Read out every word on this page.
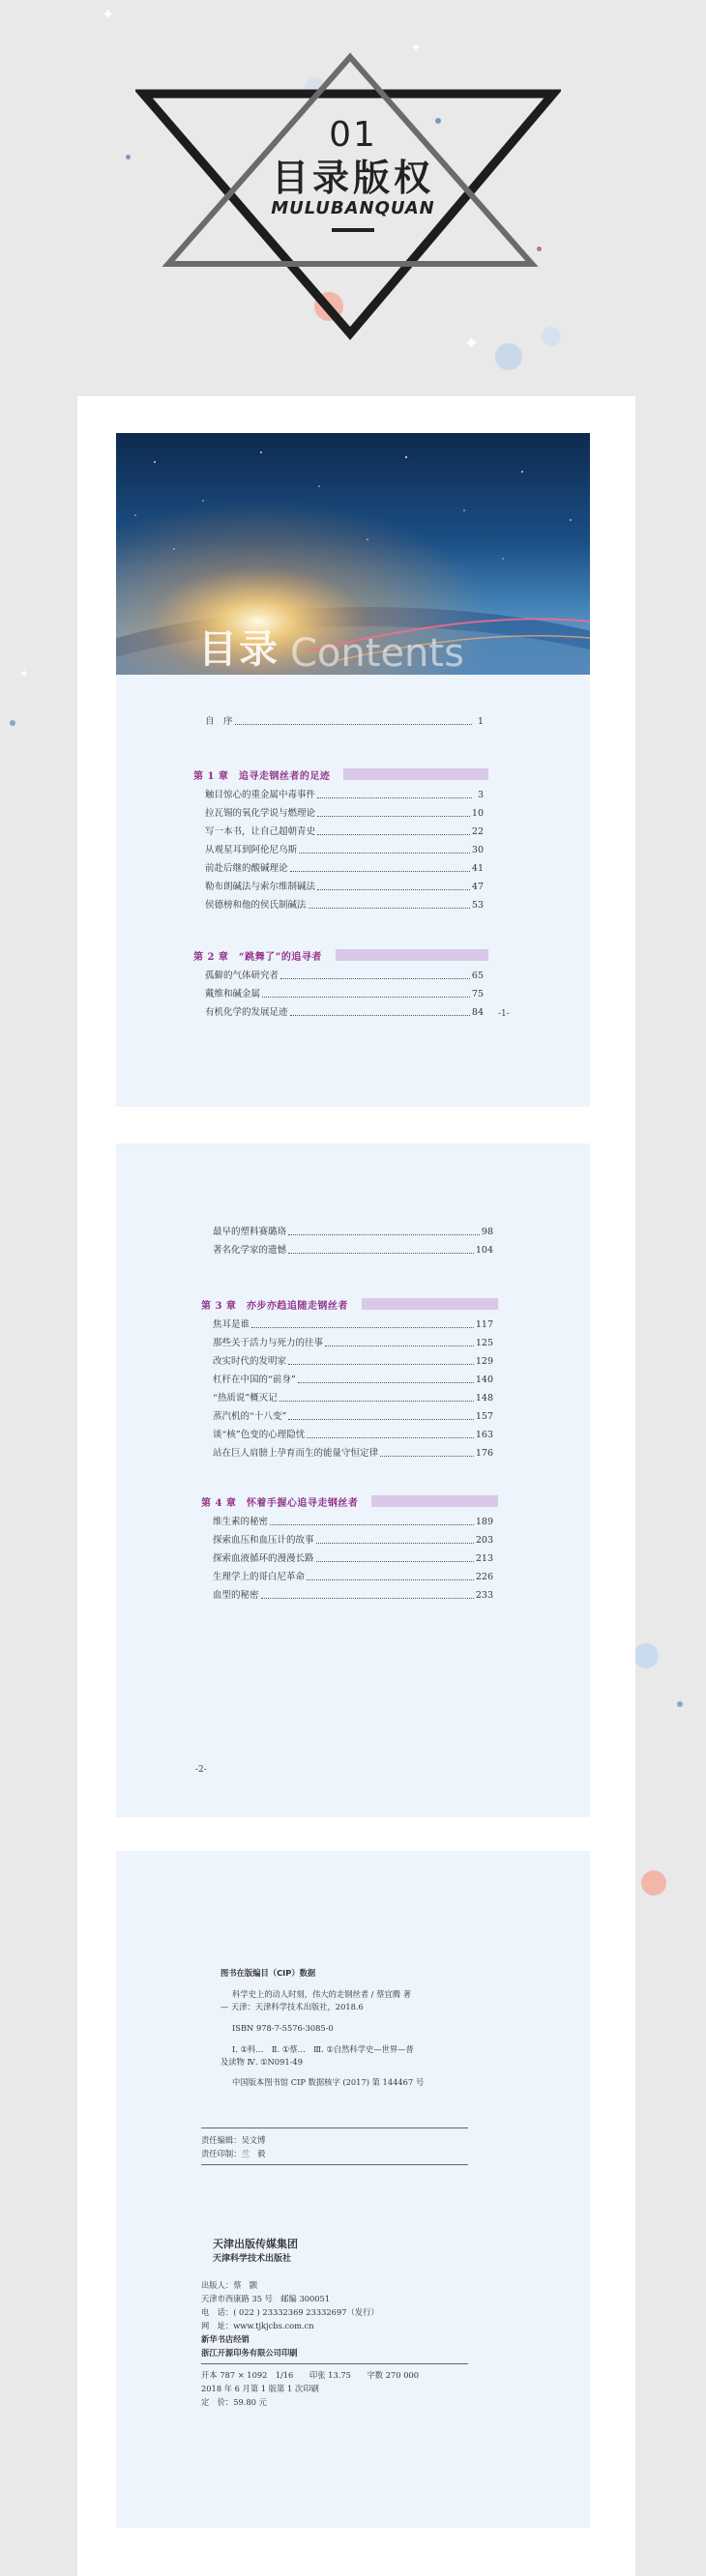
✦
✦
✦
✦
01
目录版权
MULUBANQUAN
目录 Contents
自　序	1
第 1 章　追寻走钢丝者的足迹
第 2 章　“跳舞了”的追寻者
-1-
触目惊心的重金属中毒事件	3
拉瓦锡的氧化学说与燃理论	10
写一本书，让自己超朝青史	22
从观星耳到阿伦尼乌斯	30
前赴后继的酸碱理论	41
勒布朗碱法与索尔维制碱法	47
侯德榜和他的侯氏制碱法	53
孤僻的气体研究者	65
戴维和碱金属	75
有机化学的发展足迹	84
第 3 章　亦步亦趋追随走钢丝者
第 4 章　怀着手握心追寻走钢丝者
-2-
最早的塑料赛璐珞	98
著名化学家的遗憾	104
焦耳是谁	117
那些关于活力与死力的往事	125
改实时代的发明家	129
杠杆在中国的“前身”	140
“热质说”概灭记	148
蒸汽机的“十八变”	157
谈“核”色变的心理隐忧	163
站在巨人肩膀上孕育而生的能量守恒定律	176
维生素的秘密	189
探索血压和血压计的故事	203
探索血液循环的漫漫长路	213
生理学上的哥白尼革命	226
血型的秘密	233
图书在版编目（CIP）数据
科学史上的动人时刻，伟大的走钢丝者 / 蔡宜腾 著
— 天津：天津科学技术出版社，2018.6
ISBN 978-7-5576-3085-0
Ⅰ. ①科…　Ⅱ. ①蔡…　Ⅲ. ①自然科学史—世界—普
及读物 Ⅳ. ①N091-49
中国版本图书馆 CIP 数据核字 (2017) 第 144467 号
责任编辑：吴文博
责任印制：兰　毅
天津出版传媒集团
天津科学技术出版社
出版人：蔡　颢
天津市西康路 35 号　邮编 300051
电　话：( 022 ) 23332369 23332697（发行）
网　址：www.tjkjcbs.com.cn
新华书店经销
浙江开源印务有限公司印刷
开本 787 × 1092　1/16　　印张 13.75　　字数 270 000
2018 年 6 月第 1 版第 1 次印刷
定　价：59.80 元
